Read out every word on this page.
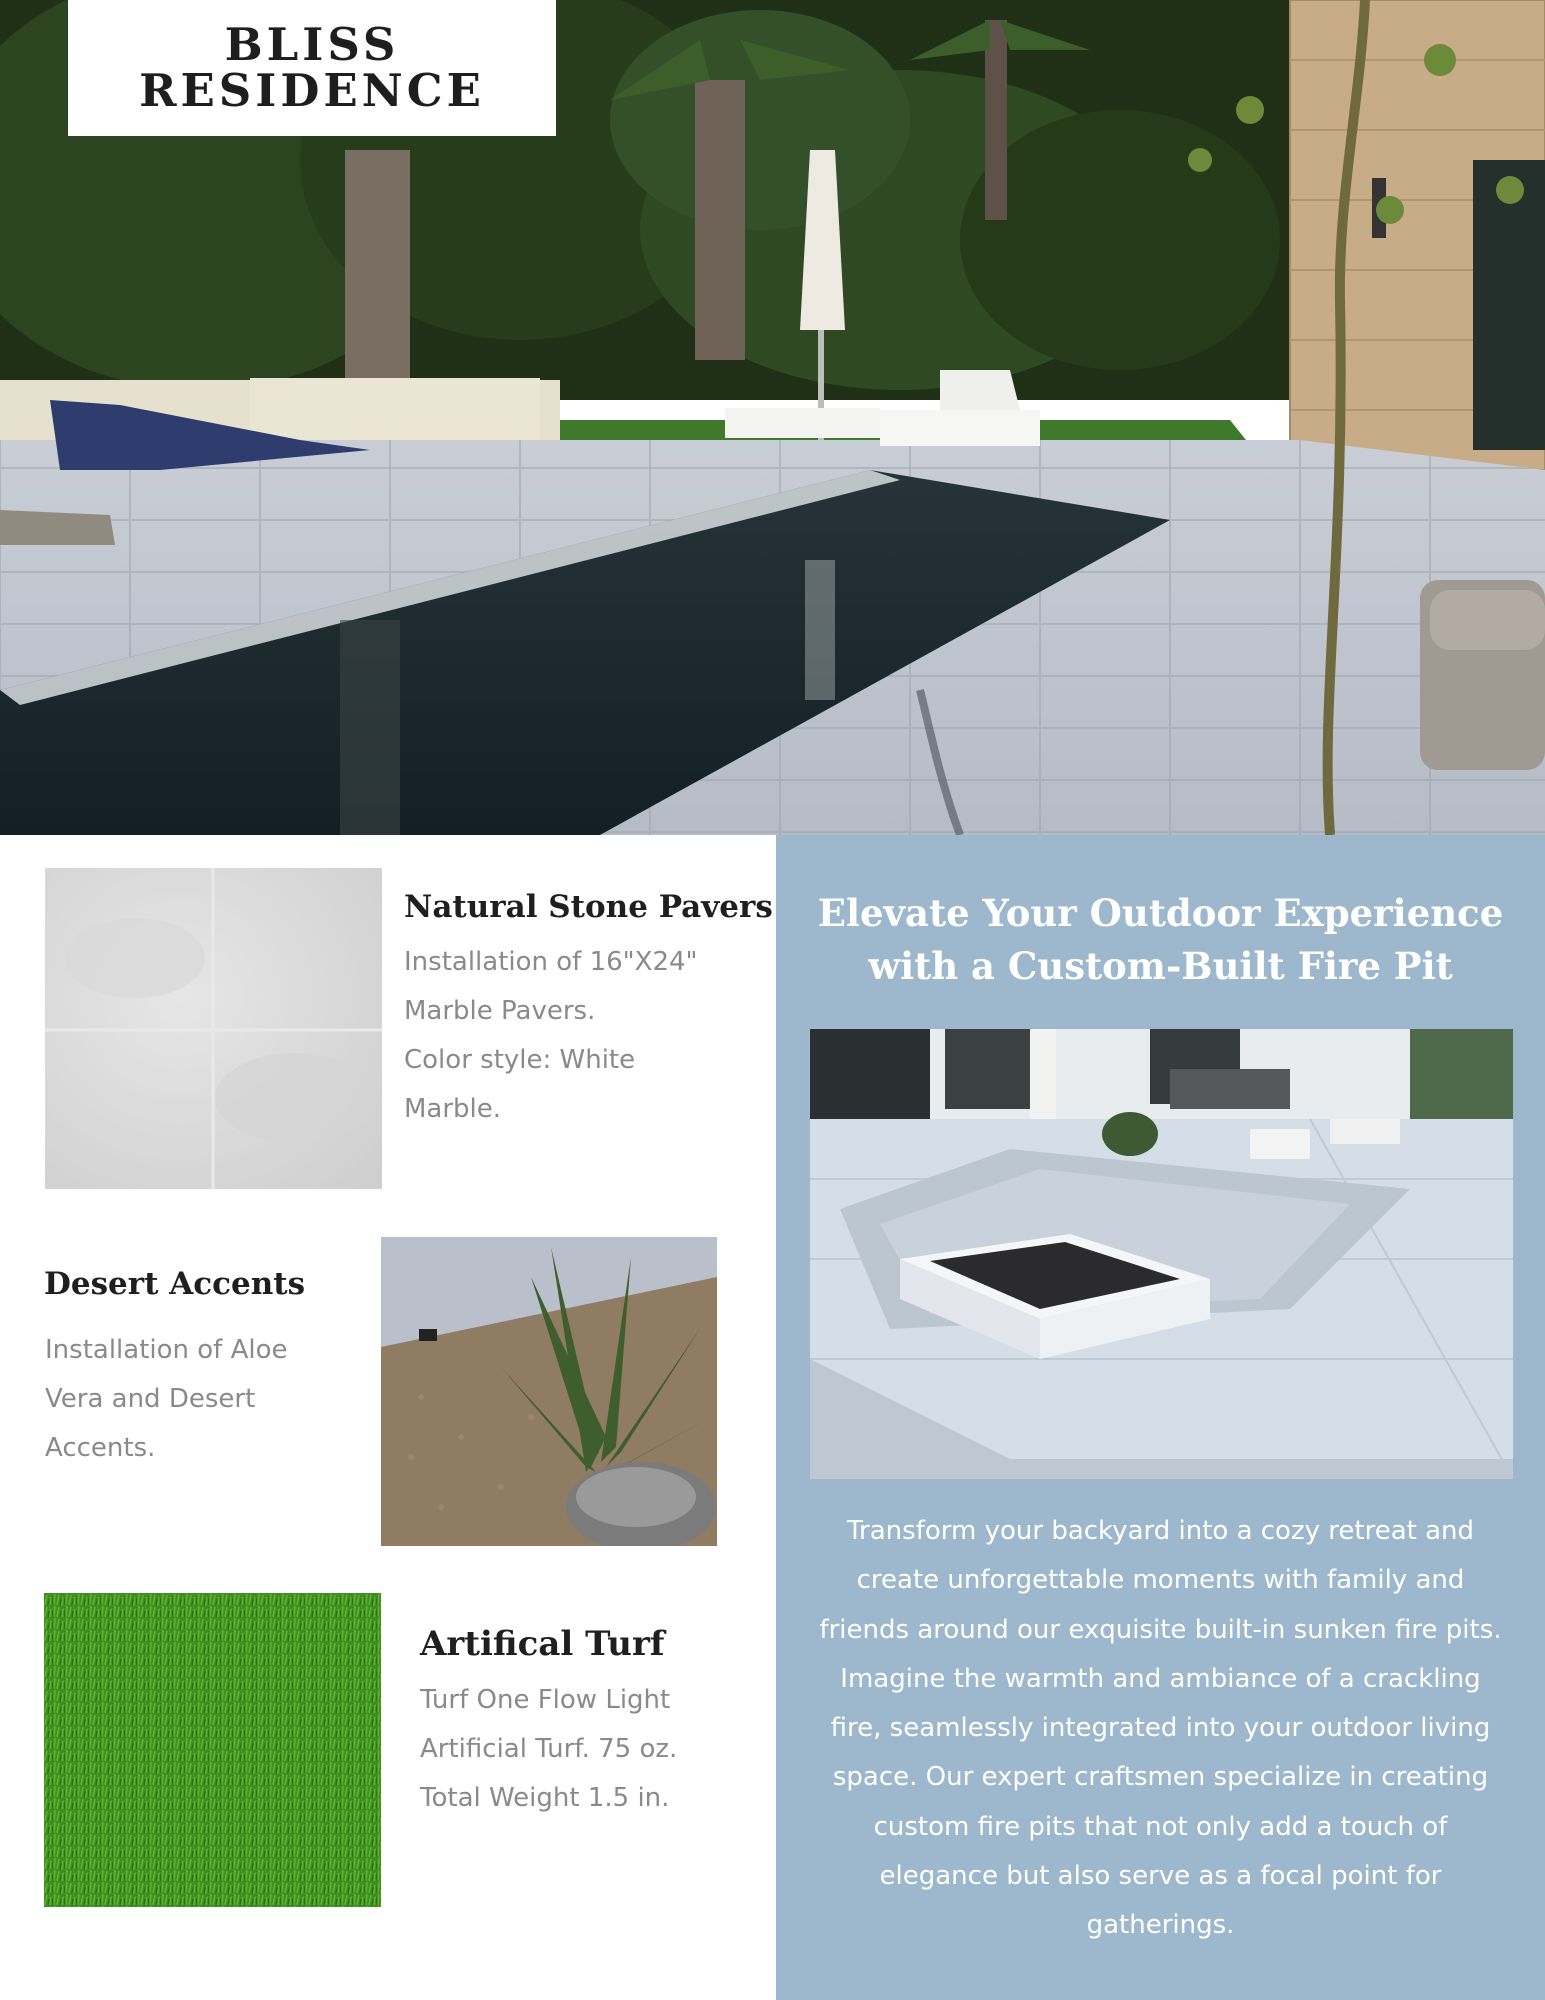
BLISS
RESIDENCE
Natural Stone Pavers
Installation of 16"X24"
Marble Pavers.
Color style: White
Marble.
Desert Accents
Installation of Aloe
Vera and Desert
Accents.
Artifical Turf
Turf One Flow Light
Artificial Turf. 75 oz.
Total Weight 1.5 in.
Elevate Your Outdoor Experience
with a Custom-Built Fire Pit
Transform your backyard into a cozy retreat and
create unforgettable moments with family and
friends around our exquisite built-in sunken fire pits.
Imagine the warmth and ambiance of a crackling
fire, seamlessly integrated into your outdoor living
space. Our expert craftsmen specialize in creating
custom fire pits that not only add a touch of
elegance but also serve as a focal point for
gatherings.
